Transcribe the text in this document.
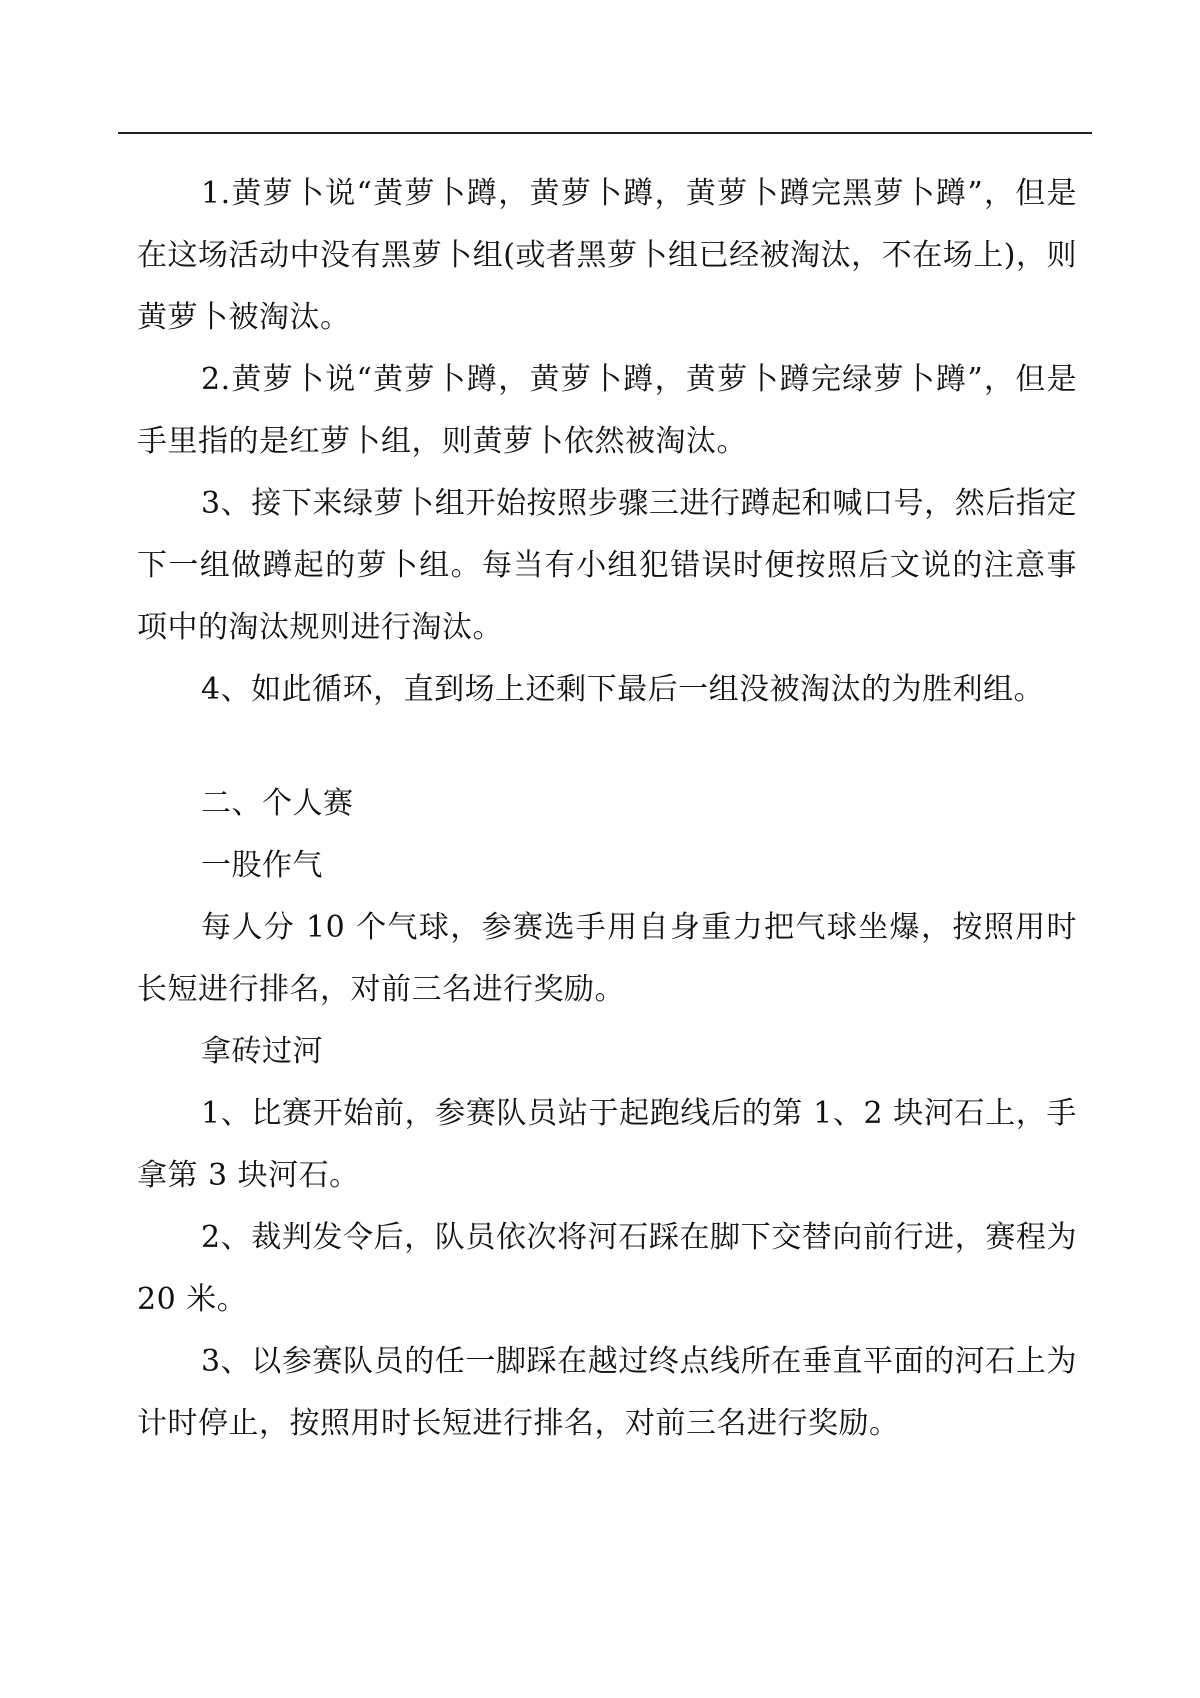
1.黄萝卜说“黄萝卜蹲，黄萝卜蹲，黄萝卜蹲完黑萝卜蹲”，但是在这场活动中没有黑萝卜组(或者黑萝卜组已经被淘汰，不在场上)，则黄萝卜被淘汰。

2.黄萝卜说“黄萝卜蹲，黄萝卜蹲，黄萝卜蹲完绿萝卜蹲”，但是手里指的是红萝卜组，则黄萝卜依然被淘汰。

3、接下来绿萝卜组开始按照步骤三进行蹲起和喊口号，然后指定下一组做蹲起的萝卜组。每当有小组犯错误时便按照后文说的注意事项中的淘汰规则进行淘汰。

4、如此循环，直到场上还剩下最后一组没被淘汰的为胜利组。

二、个人赛

一股作气

每人分 10 个气球，参赛选手用自身重力把气球坐爆，按照用时长短进行排名，对前三名进行奖励。

拿砖过河

1、比赛开始前，参赛队员站于起跑线后的第 1、2 块河石上，手拿第 3 块河石。

2、裁判发令后，队员依次将河石踩在脚下交替向前行进，赛程为 20 米。

3、以参赛队员的任一脚踩在越过终点线所在垂直平面的河石上为计时停止，按照用时长短进行排名，对前三名进行奖励。
